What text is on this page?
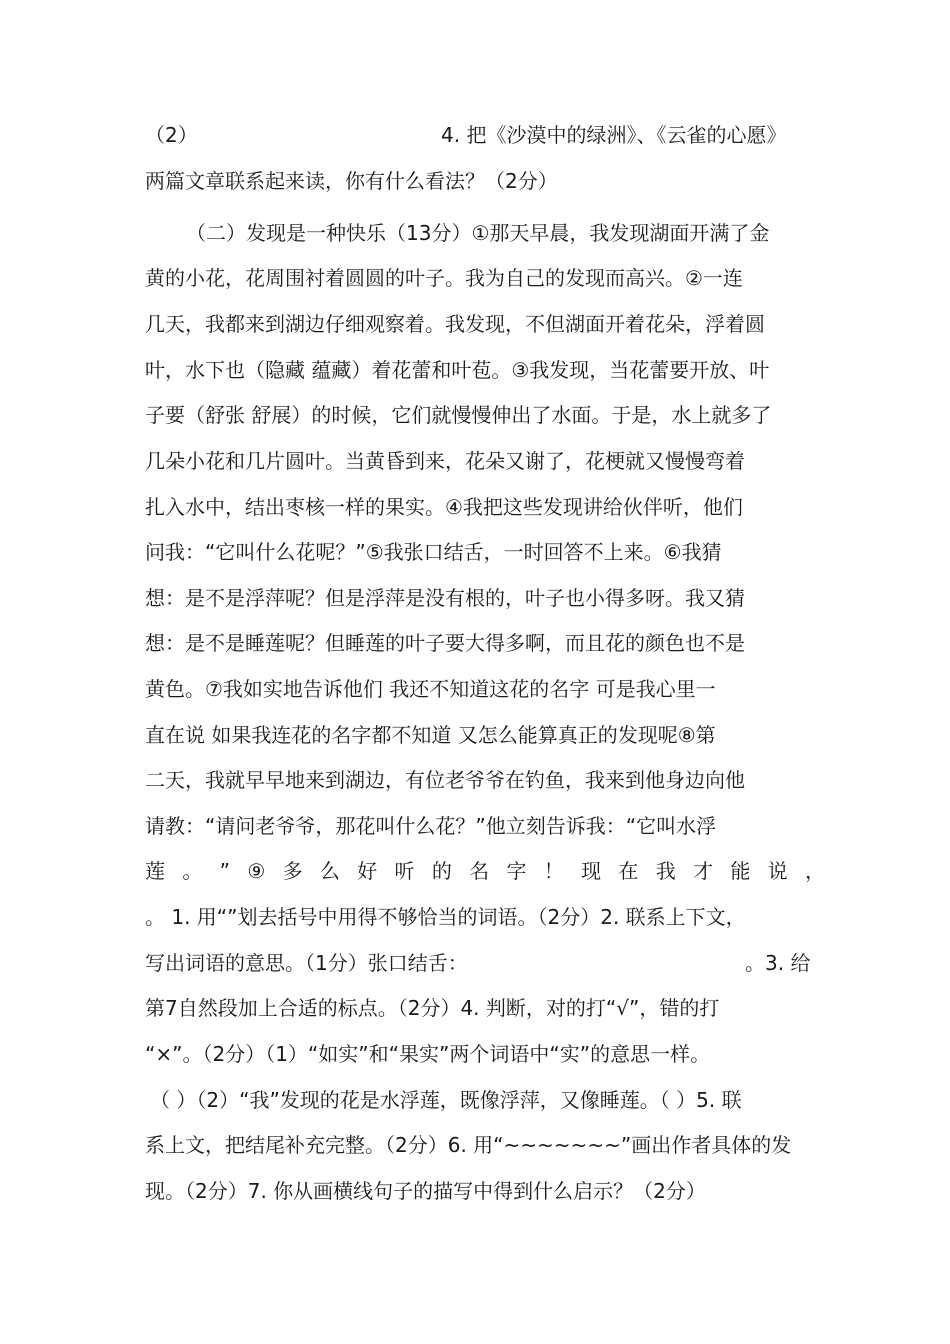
（2）	4. 把《沙漠中的绿洲》、《云雀的心愿》
两篇文章联系起来读，你有什么看法？（2分）
（二）发现是一种快乐（13分）①那天早晨，我发现湖面开满了金
黄的小花，花周围衬着圆圆的叶子。我为自己的发现而高兴。②一连
几天，我都来到湖边仔细观察着。我发现，不但湖面开着花朵，浮着圆
叶，水下也（隐藏 蕴藏）着花蕾和叶苞。③我发现，当花蕾要开放、叶
子要（舒张 舒展）的时候，它们就慢慢伸出了水面。于是，水上就多了
几朵小花和几片圆叶。当黄昏到来，花朵又谢了，花梗就又慢慢弯着
扎入水中，结出枣核一样的果实。④我把这些发现讲给伙伴听，他们
问我：“它叫什么花呢？”⑤我张口结舌，一时回答不上来。⑥我猜
想：是不是浮萍呢？但是浮萍是没有根的，叶子也小得多呀。我又猜
想：是不是睡莲呢？但睡莲的叶子要大得多啊，而且花的颜色也不是
黄色。⑦我如实地告诉他们 我还不知道这花的名字 可是我心里一
直在说 如果我连花的名字都不知道 又怎么能算真正的发现呢⑧第
二天，我就早早地来到湖边，有位老爷爷在钓鱼，我来到他身边向他
请教：“请问老爷爷，那花叫什么花？”他立刻告诉我：“它叫水浮
莲 。 ” ⑨ 多 么 好 听 的 名 字 ！ 现 在 我 才 能 说 ，
。 1. 用“”划去括号中用得不够恰当的词语。（2分）2. 联系上下文，
写出词语的意思。（1分）张口结舌：	。3. 给
第7自然段加上合适的标点。（2分）4. 判断，对的打“√”，错的打
“×”。（2分）（1）“如实”和“果实”两个词语中“实”的意思一样。
（ ）（2）“我”发现的花是水浮莲，既像浮萍，又像睡莲。（ ）5. 联
系上文，把结尾补充完整。（2分）6. 用“~~~~~~~”画出作者具体的发
现。（2分）7. 你从画横线句子的描写中得到什么启示？（2分）
